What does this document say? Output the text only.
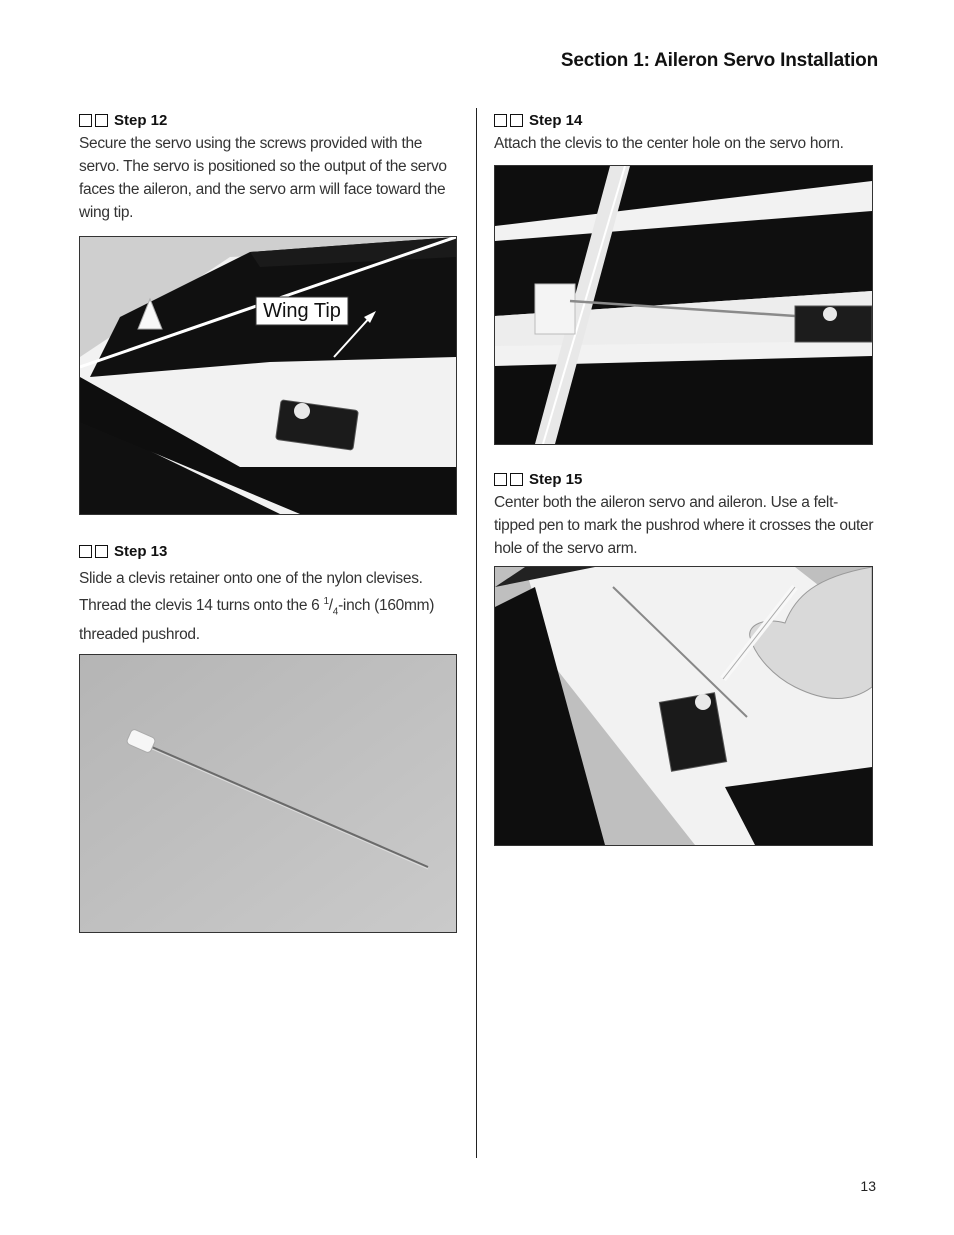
Section 1: Aileron Servo Installation
Step 12

Secure the servo using the screws provided with the servo. The servo is positioned so the output of the servo faces the aileron, and the servo arm will face toward the wing tip.

Wing Tip
Step 13

Slide a clevis retainer onto one of the nylon clevises. Thread the clevis 14 turns onto the 6 $^1/_4$-inch (160mm) threaded pushrod.

Step 14

Attach the clevis to the center hole on the servo horn.

Step 15

Center both the aileron servo and aileron. Use a felt-tipped pen to mark the pushrod where it crosses the outer hole of the servo arm.

13
